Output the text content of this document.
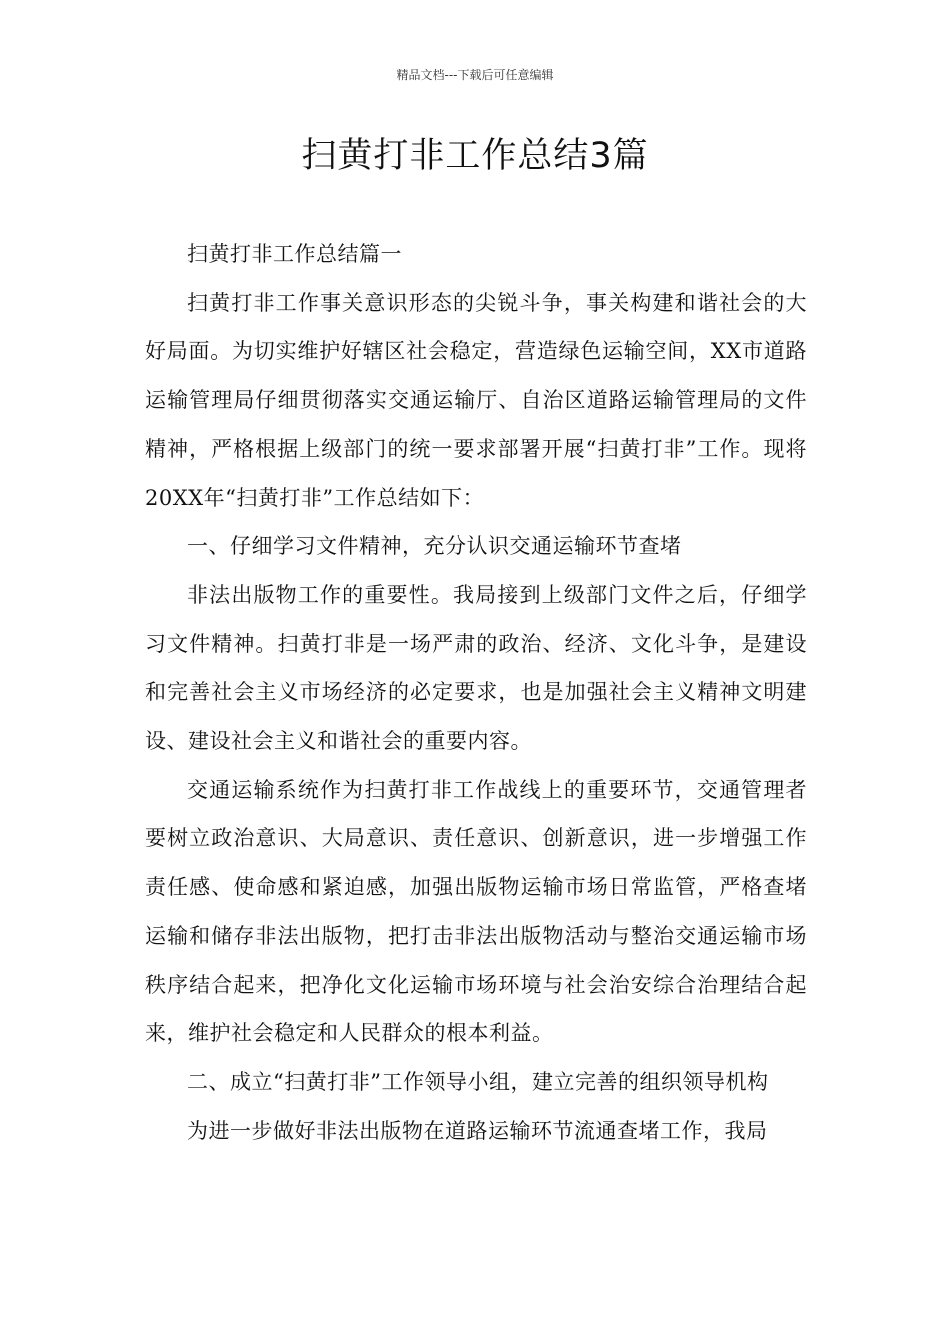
精品文档---下载后可任意编辑
扫黄打非工作总结3篇

扫黄打非工作总结篇一

扫黄打非工作事关意识形态的尖锐斗争，事关构建和谐社会的大好局面。为切实维护好辖区社会稳定，营造绿色运输空间，XX市道路运输管理局仔细贯彻落实交通运输厅、自治区道路运输管理局的文件精神，严格根据上级部门的统一要求部署开展“扫黄打非”工作。现将20XX年“扫黄打非”工作总结如下：

一、仔细学习文件精神，充分认识交通运输环节查堵

非法出版物工作的重要性。我局接到上级部门文件之后，仔细学习文件精神。扫黄打非是一场严肃的政治、经济、文化斗争，是建设和完善社会主义市场经济的必定要求，也是加强社会主义精神文明建设、建设社会主义和谐社会的重要内容。

交通运输系统作为扫黄打非工作战线上的重要环节，交通管理者要树立政治意识、大局意识、责任意识、创新意识，进一步增强工作责任感、使命感和紧迫感，加强出版物运输市场日常监管，严格查堵运输和储存非法出版物，把打击非法出版物活动与整治交通运输市场秩序结合起来，把净化文化运输市场环境与社会治安综合治理结合起来，维护社会稳定和人民群众的根本利益。

二、成立“扫黄打非”工作领导小组，建立完善的组织领导机构

为进一步做好非法出版物在道路运输环节流通查堵工作，我局
